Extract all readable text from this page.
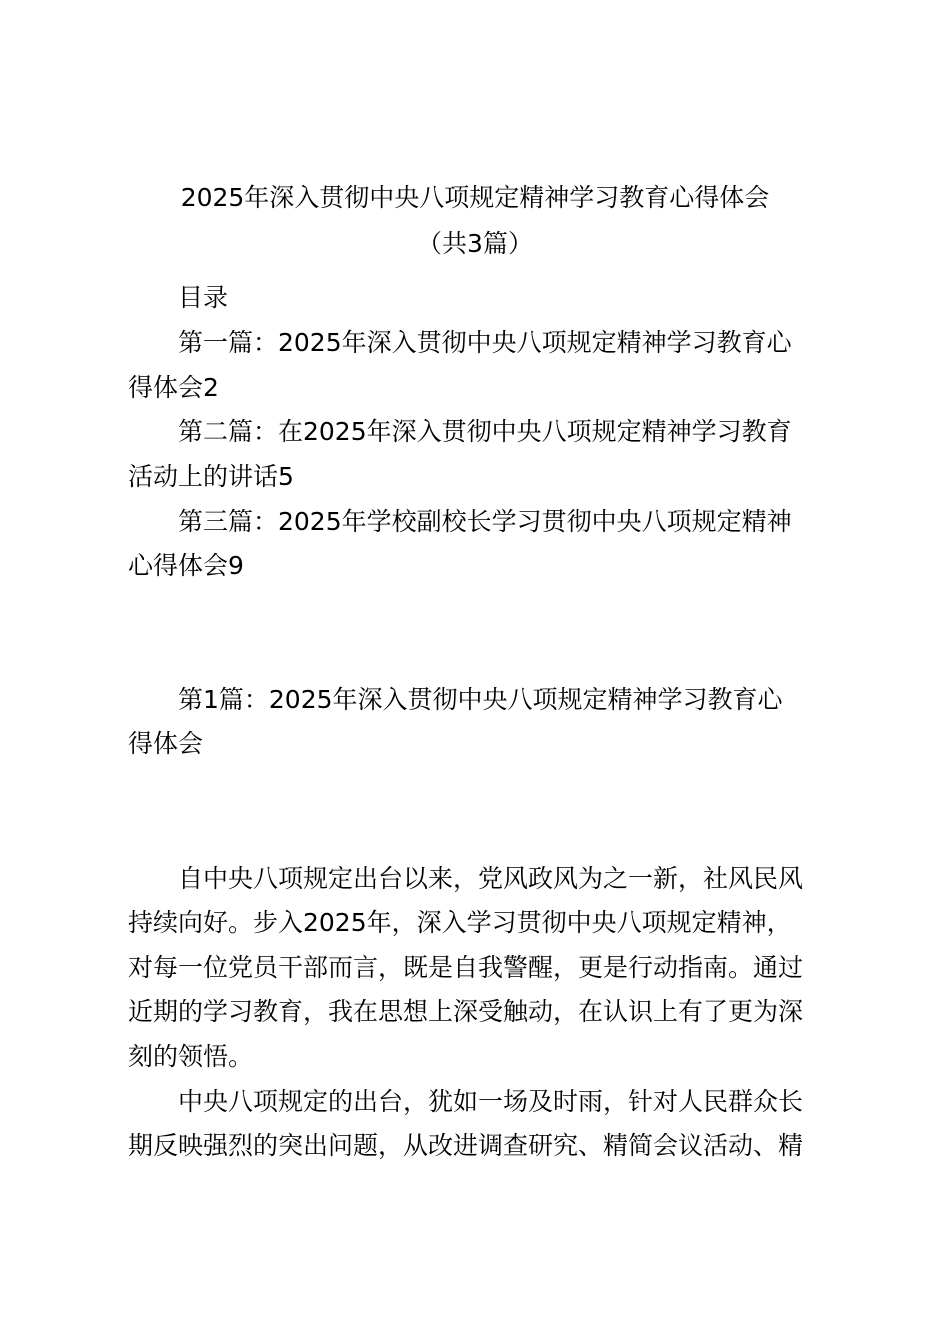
2025年深入贯彻中央八项规定精神学习教育心得体会
（共3篇）
目录
第一篇：2025年深入贯彻中央八项规定精神学习教育心
得体会2
第二篇：在2025年深入贯彻中央八项规定精神学习教育
活动上的讲话5
第三篇：2025年学校副校长学习贯彻中央八项规定精神
心得体会9
第1篇：2025年深入贯彻中央八项规定精神学习教育心
得体会
自中央八项规定出台以来，党风政风为之一新，社风民风
持续向好。步入2025年，深入学习贯彻中央八项规定精神，
对每一位党员干部而言，既是自我警醒，更是行动指南。通过
近期的学习教育，我在思想上深受触动，在认识上有了更为深
刻的领悟。
中央八项规定的出台，犹如一场及时雨，针对人民群众长
期反映强烈的突出问题，从改进调查研究、精简会议活动、精
